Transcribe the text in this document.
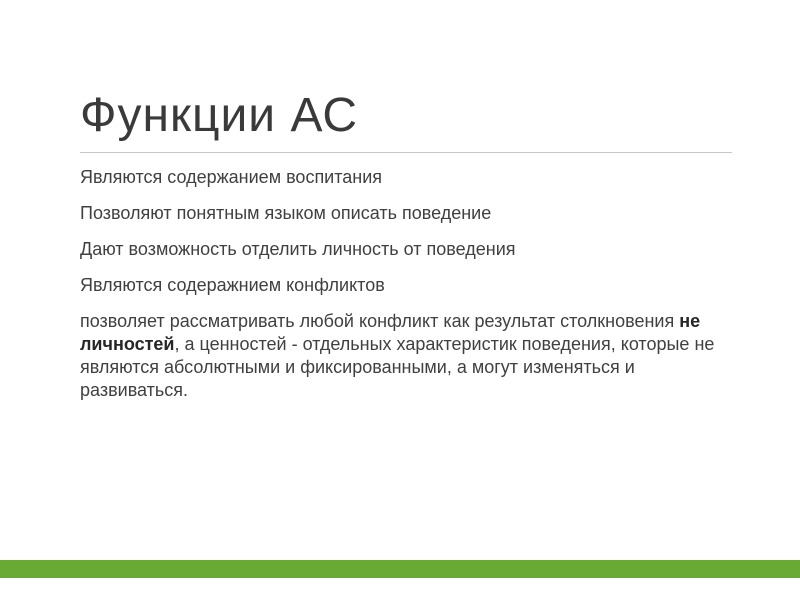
Функции АС

Являются содержанием воспитания

Позволяют понятным языком описать поведение

Дают возможность отделить личность от поведения

Являются содеражнием конфликтов

позволяет рассматривать любой конфликт как результат столкновения не личностей, а ценностей - отдельных характеристик поведения, которые не являются абсолютными и фиксированными, а могут изменяться и развиваться.
